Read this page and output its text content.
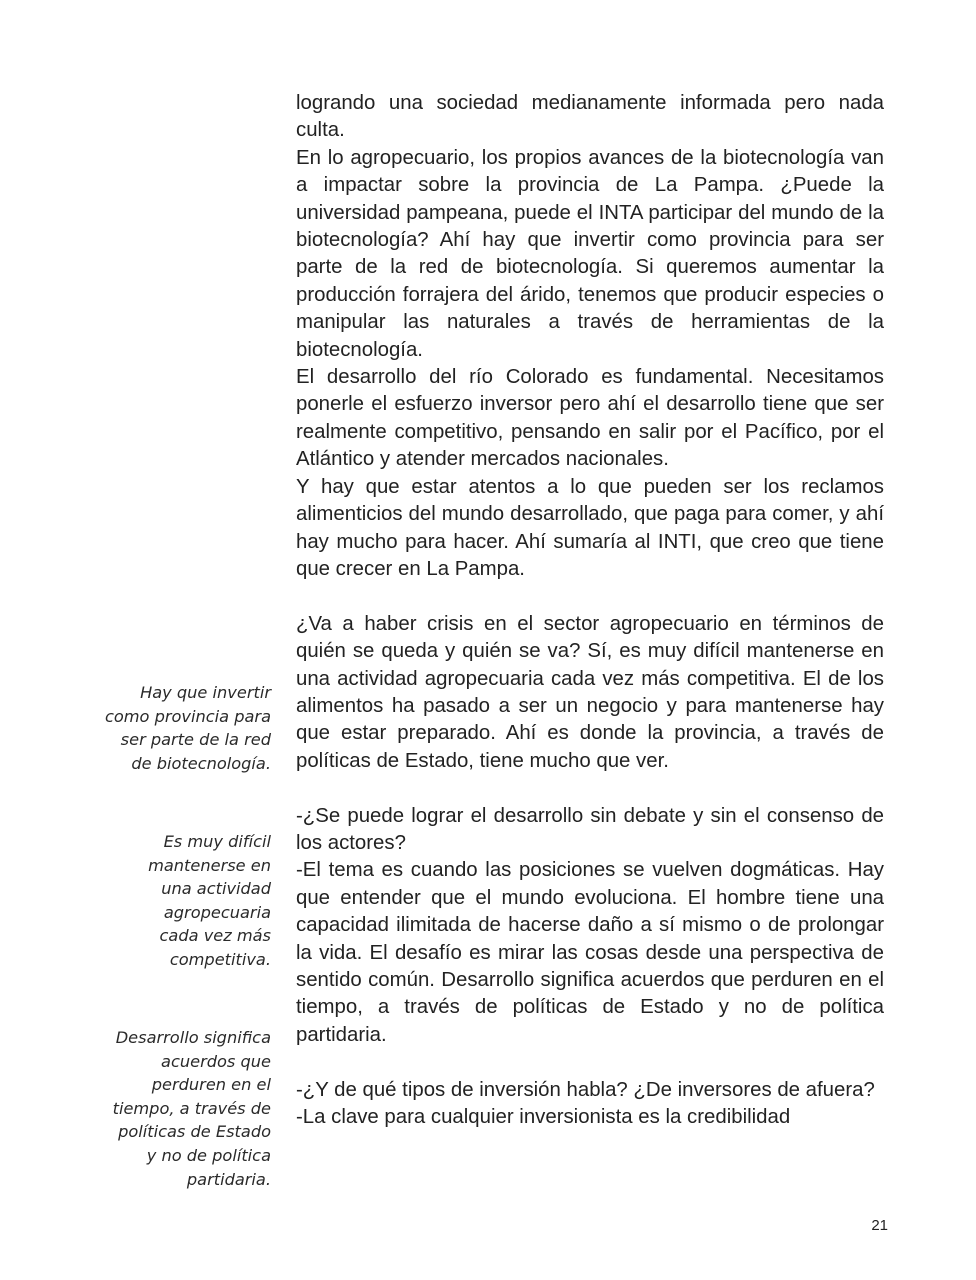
logrando una sociedad medianamente informada pero nada culta.

En lo agropecuario, los propios avances de la biotecnología van a impactar sobre la provincia de La Pampa. ¿Puede la universidad pampeana, puede el INTA participar del mundo de la biotecnología? Ahí hay que invertir como provincia para ser parte de la red de biotecnología. Si queremos aumentar la producción forrajera del árido, tenemos que producir especies o manipular las naturales a través de herramientas de la biotecnología.

El desarrollo del río Colorado es fundamental. Necesitamos ponerle el esfuerzo inversor pero ahí el desarrollo tiene que ser realmente competitivo, pensando en salir por el Pacífico, por el Atlántico y atender mercados nacionales.

Y hay que estar atentos a lo que pueden ser los reclamos alimenticios del mundo desarrollado, que paga para comer, y ahí hay mucho para hacer. Ahí sumaría al INTI, que creo que tiene que crecer en La Pampa.

¿Va a haber crisis en el sector agropecuario en términos de quién se queda y quién se va? Sí, es muy difícil mantenerse en una actividad agropecuaria cada vez más competitiva. El de los alimentos ha pasado a ser un negocio y para mantenerse hay que estar preparado. Ahí es donde la provincia, a través de políticas de Estado, tiene mucho que ver.

-¿Se puede lograr el desarrollo sin debate y sin el consenso de los actores?

-El tema es cuando las posiciones se vuelven dogmáticas. Hay que entender que el mundo evoluciona. El hombre tiene una capacidad ilimitada de hacerse daño a sí mismo o de prolongar la vida. El desafío es mirar las cosas desde una perspectiva de sentido común. Desarrollo significa acuerdos que perduren en el tiempo, a través de políticas de Estado y no de política partidaria.

-¿Y de qué tipos de inversión habla? ¿De inversores de afuera?

-La clave para cualquier inversionista es la credibilidad

Hay que invertir
como provincia para
ser parte de la red
de biotecnología.
Es muy difícil
mantenerse en
una actividad
agropecuaria
cada vez más
competitiva.
Desarrollo significa
acuerdos que
perduren en el
tiempo, a través de
políticas de Estado
y no de política
partidaria.
21
